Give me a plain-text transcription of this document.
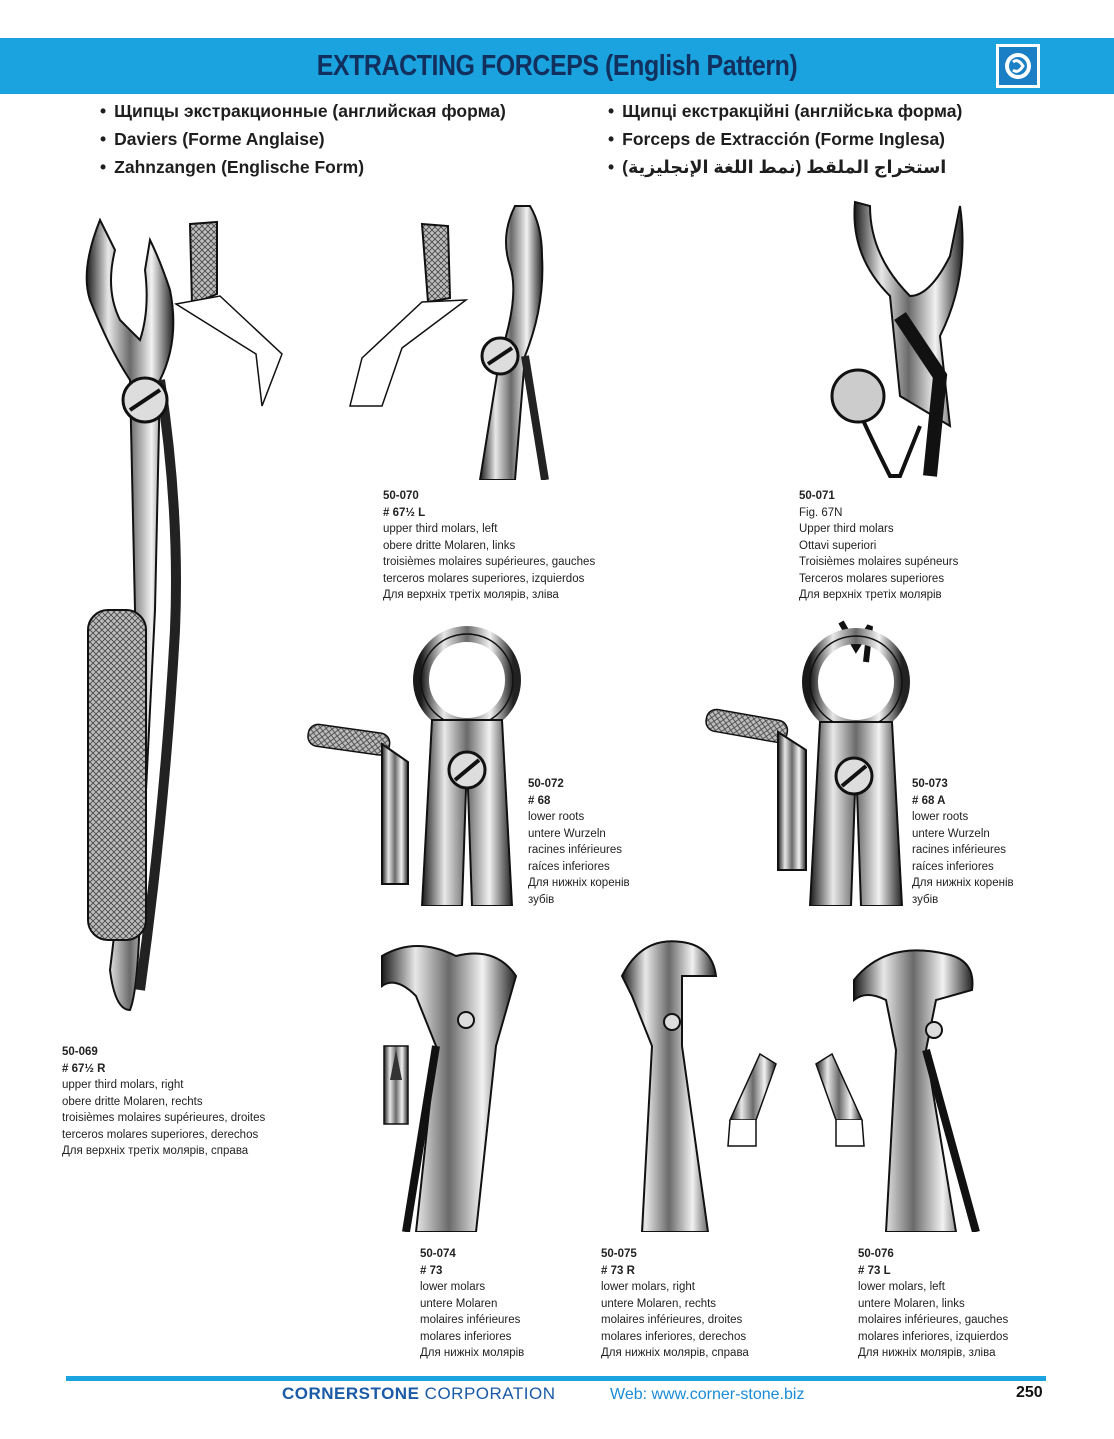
EXTRACTING FORCEPS (English Pattern)
• Щипцы экстракционные (английская форма)
• Daviers (Forme Anglaise)
• Zahnzangen (Englische Form)
• Щипці екстракційні (англійська форма)
• Forceps de Extracción (Forme Inglesa)
• استخراج الملقط (نمط اللغة الإنجليزية)
50-069
# 67½ R
upper third molars, right
obere dritte Molaren, rechts
troisièmes molaires supérieures, droites
terceros molares superiores, derechos
Для верхніх третіх молярів, справа
50-070
# 67½ L
upper third molars, left
obere dritte Molaren, links
troisièmes molaires supérieures, gauches
terceros molares superiores, izquierdos
Для верхніх третіх молярів, зліва
50-071
Fig. 67N
Upper third molars
Ottavi superiori
Troisièmes molaires supéneurs
Terceros molares superiores
Для верхніх третіх молярів
50-072
# 68
lower roots
untere Wurzeln
racines inférieures
raíces inferiores
Для нижніх коренів
зубів
50-073
# 68 A
lower roots
untere Wurzeln
racines inférieures
raíces inferiores
Для нижніх коренів
зубів
50-074
# 73
lower molars
untere Molaren
molaires inférieures
molares inferiores
Для нижніх молярів
50-075
# 73 R
lower molars, right
untere Molaren, rechts
molaires inférieures, droites
molares inferiores, derechos
Для нижніх молярів, справа
50-076
# 73 L
lower molars, left
untere Molaren, links
molaires inférieures, gauches
molares inferiores, izquierdos
Для нижніх молярів, зліва
CORNERSTONE CORPORATION	Web: www.corner-stone.biz	250
